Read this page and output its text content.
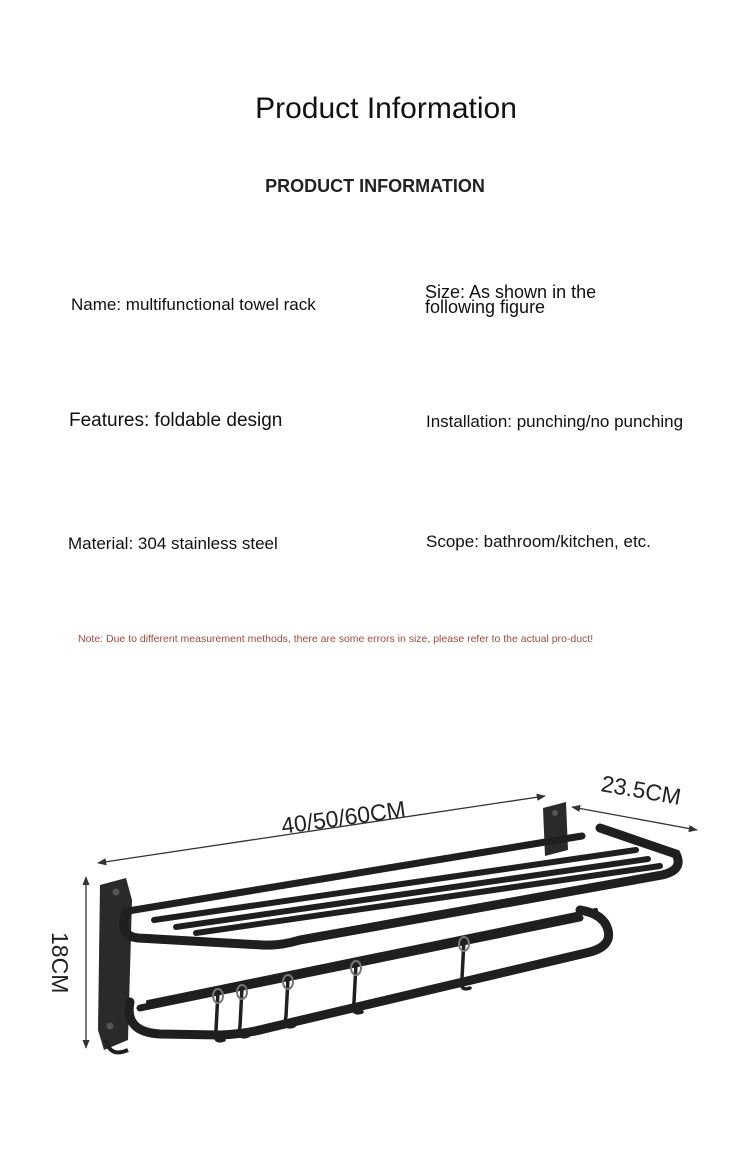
Product Information
PRODUCT INFORMATION
Name: multifunctional towel rack
Size: As shown in the
following figure
Features: foldable design	Installation: punching/no punching
Material: 304 stainless steel	Scope: bathroom/kitchen, etc.
Note: Due to different measurement methods, there are some errors in size, please refer to the actual pro-duct!
40/50/60CM
23.5CM
18CM
